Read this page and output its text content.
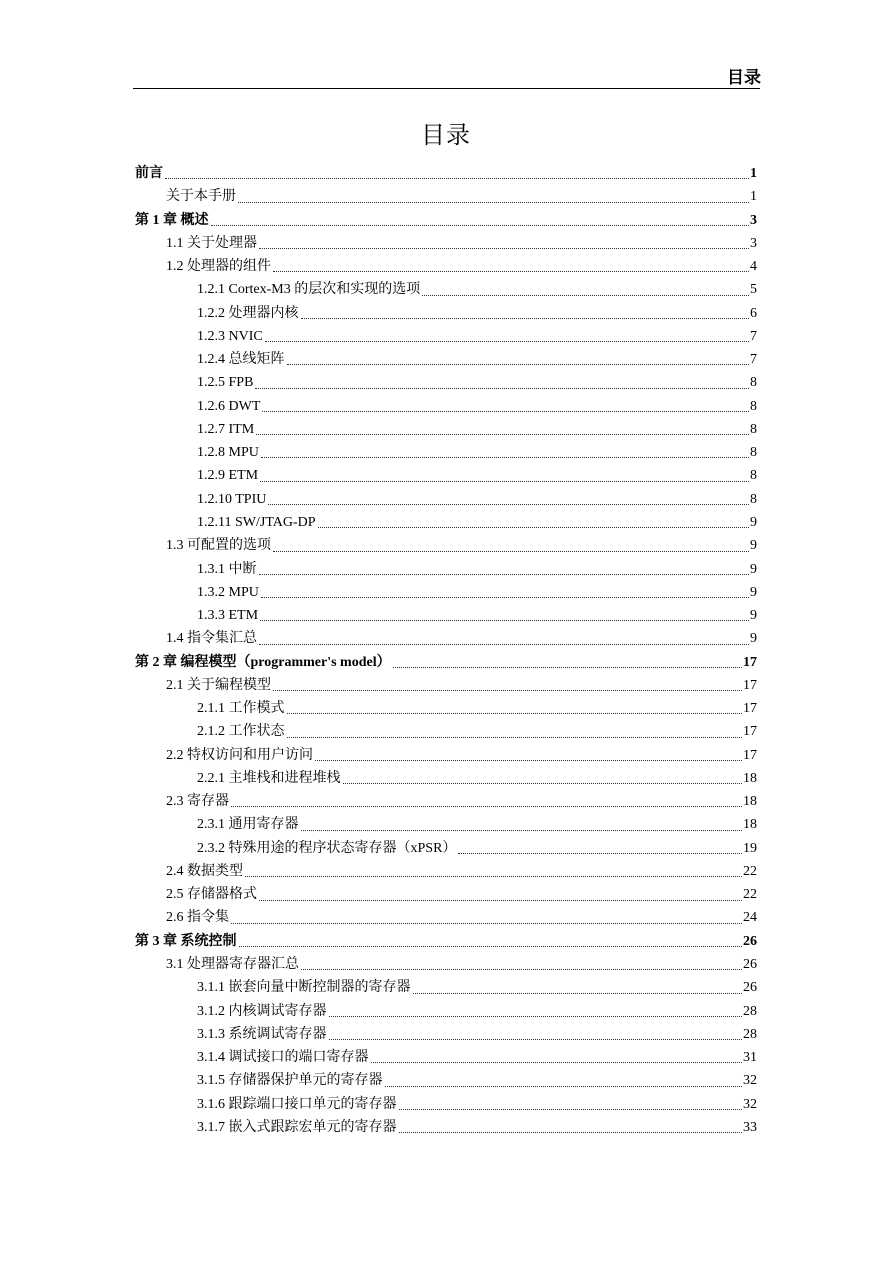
目录
目录
前言	1
关于本手册	1
第 1 章 概述	3
1.1 关于处理器	3
1.2 处理器的组件	4
1.2.1 Cortex-M3 的层次和实现的选项	5
1.2.2 处理器内核	6
1.2.3 NVIC	7
1.2.4 总线矩阵	7
1.2.5 FPB	8
1.2.6 DWT	8
1.2.7 ITM	8
1.2.8 MPU	8
1.2.9 ETM	8
1.2.10 TPIU	8
1.2.11 SW/JTAG-DP	9
1.3 可配置的选项	9
1.3.1 中断	9
1.3.2 MPU	9
1.3.3 ETM	9
1.4 指令集汇总	9
第 2 章 编程模型（programmer's model）	17
2.1 关于编程模型	17
2.1.1 工作模式	17
2.1.2 工作状态	17
2.2 特权访问和用户访问	17
2.2.1 主堆栈和进程堆栈	18
2.3 寄存器	18
2.3.1 通用寄存器	18
2.3.2 特殊用途的程序状态寄存器（xPSR）	19
2.4 数据类型	22
2.5 存储器格式	22
2.6 指令集	24
第 3 章 系统控制	26
3.1 处理器寄存器汇总	26
3.1.1 嵌套向量中断控制器的寄存器	26
3.1.2 内核调试寄存器	28
3.1.3 系统调试寄存器	28
3.1.4 调试接口的端口寄存器	31
3.1.5 存储器保护单元的寄存器	32
3.1.6 跟踪端口接口单元的寄存器	32
3.1.7 嵌入式跟踪宏单元的寄存器	33
